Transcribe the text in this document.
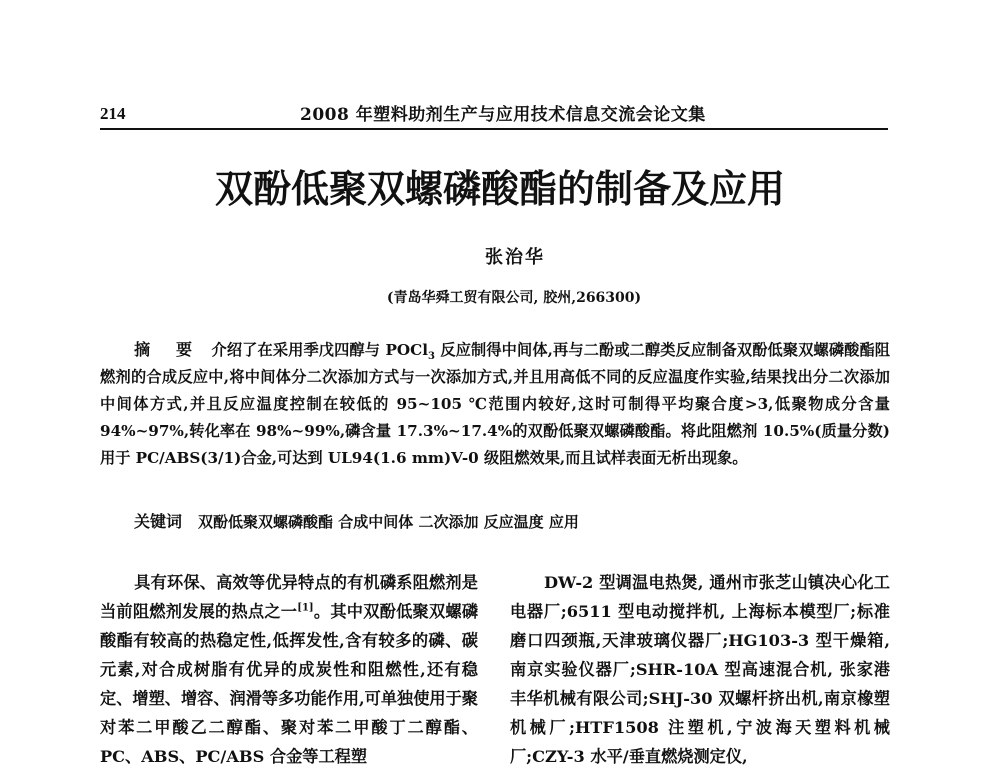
214	2008 年塑料助剂生产与应用技术信息交流会论文集
双酚低聚双螺磷酸酯的制备及应用
张治华
(青岛华舜工贸有限公司, 胶州,266300)
摘 要 介绍了在采用季戊四醇与 POCl$_3$ 反应制得中间体,再与二酚或二醇类反应制备双酚低聚双螺磷酸酯阻燃剂的合成反应中,将中间体分二次添加方式与一次添加方式,并且用高低不同的反应温度作实验,结果找出分二次添加中间体方式,并且反应温度控制在较低的 95~105 ℃范围内较好,这时可制得平均聚合度>3,低聚物成分含量 94%~97%,转化率在 98%~99%,磷含量 17.3%~17.4%的双酚低聚双螺磷酸酯。将此阻燃剂 10.5%(质量分数)用于 PC/ABS(3/1)合金,可达到 UL94(1.6 mm)V-0 级阻燃效果,而且试样表面无析出现象。
关键词 双酚低聚双螺磷酸酯 合成中间体 二次添加 反应温度 应用
具有环保、高效等优异特点的有机磷系阻燃剂是当前阻燃剂发展的热点之一[1]。其中双酚低聚双螺磷酸酯有较高的热稳定性,低挥发性,含有较多的磷、碳元素,对合成树脂有优异的成炭性和阻燃性,还有稳定、增塑、增容、润滑等多功能作用,可单独使用于聚对苯二甲酸乙二醇酯、聚对苯二甲酸丁二醇酯、PC、ABS、PC/ABS 合金等工程塑
DW-2 型调温电热煲, 通州市张芝山镇决心化工电器厂;6511 型电动搅拌机, 上海标本模型厂;标准磨口四颈瓶,天津玻璃仪器厂;HG103-3 型干燥箱, 南京实验仪器厂;SHR-10A 型高速混合机, 张家港丰华机械有限公司;SHJ-30 双螺杆挤出机,南京橡塑机械厂;HTF1508 注塑机,宁波海天塑料机械厂;CZY-3 水平/垂直燃烧测定仪,
